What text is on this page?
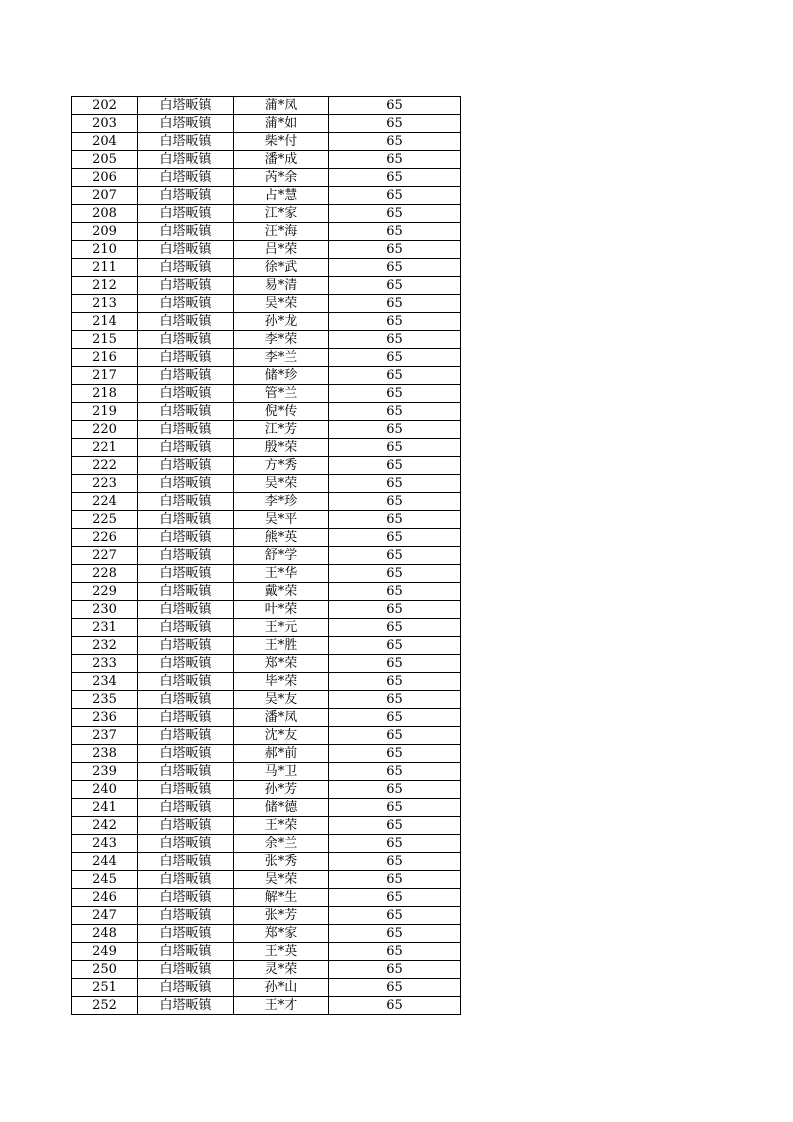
202	白塔畈镇	蒲*凤	65
203	白塔畈镇	蒲*如	65
204	白塔畈镇	柴*付	65
205	白塔畈镇	潘*成	65
206	白塔畈镇	芮*余	65
207	白塔畈镇	占*慧	65
208	白塔畈镇	江*家	65
209	白塔畈镇	汪*海	65
210	白塔畈镇	吕*荣	65
211	白塔畈镇	徐*武	65
212	白塔畈镇	易*清	65
213	白塔畈镇	吴*荣	65
214	白塔畈镇	孙*龙	65
215	白塔畈镇	李*荣	65
216	白塔畈镇	李*兰	65
217	白塔畈镇	储*珍	65
218	白塔畈镇	管*兰	65
219	白塔畈镇	倪*传	65
220	白塔畈镇	江*芳	65
221	白塔畈镇	殷*荣	65
222	白塔畈镇	方*秀	65
223	白塔畈镇	吴*荣	65
224	白塔畈镇	李*珍	65
225	白塔畈镇	吴*平	65
226	白塔畈镇	熊*英	65
227	白塔畈镇	舒*学	65
228	白塔畈镇	王*华	65
229	白塔畈镇	戴*荣	65
230	白塔畈镇	叶*荣	65
231	白塔畈镇	王*元	65
232	白塔畈镇	王*胜	65
233	白塔畈镇	郑*荣	65
234	白塔畈镇	毕*荣	65
235	白塔畈镇	吴*友	65
236	白塔畈镇	潘*凤	65
237	白塔畈镇	沈*友	65
238	白塔畈镇	郝*前	65
239	白塔畈镇	马*卫	65
240	白塔畈镇	孙*芳	65
241	白塔畈镇	储*德	65
242	白塔畈镇	王*荣	65
243	白塔畈镇	余*兰	65
244	白塔畈镇	张*秀	65
245	白塔畈镇	吴*荣	65
246	白塔畈镇	解*生	65
247	白塔畈镇	张*芳	65
248	白塔畈镇	郑*家	65
249	白塔畈镇	王*英	65
250	白塔畈镇	灵*荣	65
251	白塔畈镇	孙*山	65
252	白塔畈镇	王*才	65
